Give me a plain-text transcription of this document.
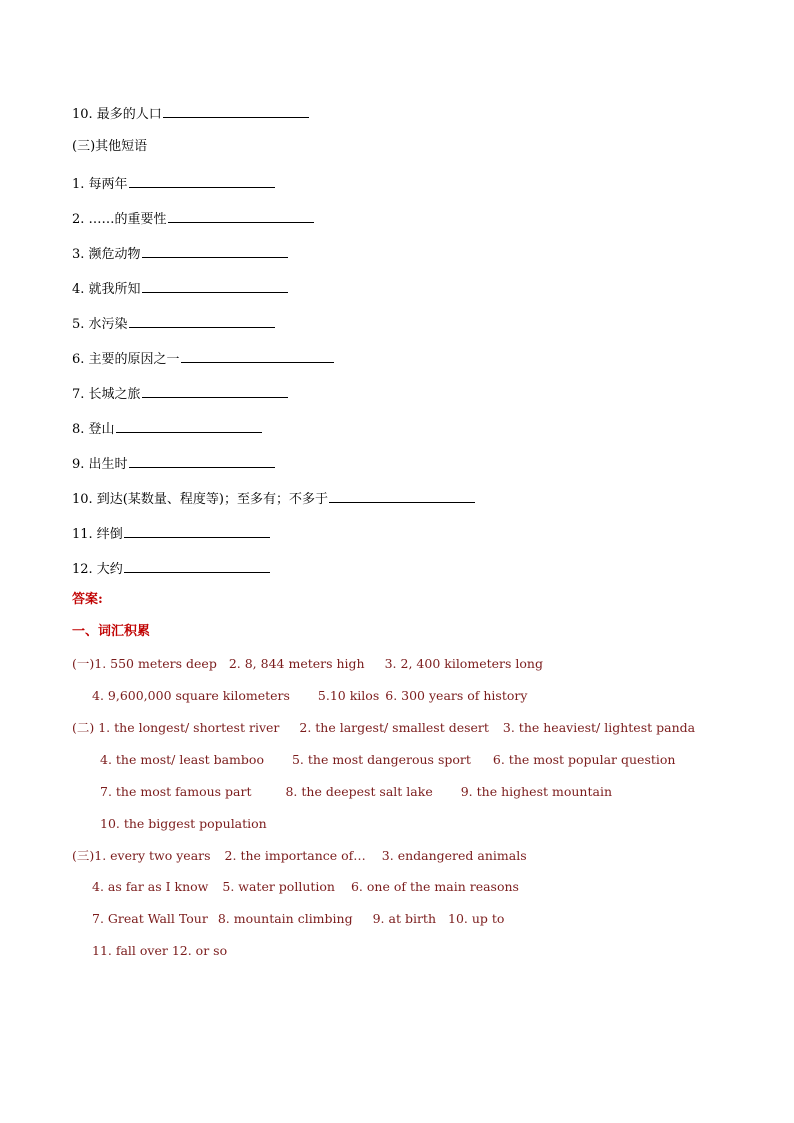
10. 最多的人口
(三)其他短语
1. 每两年
2. ……的重要性
3. 濒危动物
4. 就我所知
5. 水污染
6. 主要的原因之一
7. 长城之旅
8. 登山
9. 出生时
10. 到达(某数量、程度等)；至多有；不多于
11. 绊倒
12. 大约
答案:
一、词汇积累
(一)1. 550 meters deep 2. 8, 844 meters high 3. 2, 400 kilometers long
4. 9,600,000 square kilometers 5.10 kilos 6. 300 years of history
(二) 1. the longest/ shortest river 2. the largest/ smallest desert 3. the heaviest/ lightest panda
4. the most/ least bamboo 5. the most dangerous sport 6. the most popular question
7. the most famous part	8. the deepest salt lake 9. the highest mountain
10. the biggest population
(三)1. every two years 2. the importance of… 3. endangered animals
4. as far as I know 5. water pollution 6. one of the main reasons
7. Great Wall Tour 8. mountain climbing 9. at birth 10. up to
11. fall over 12. or so
